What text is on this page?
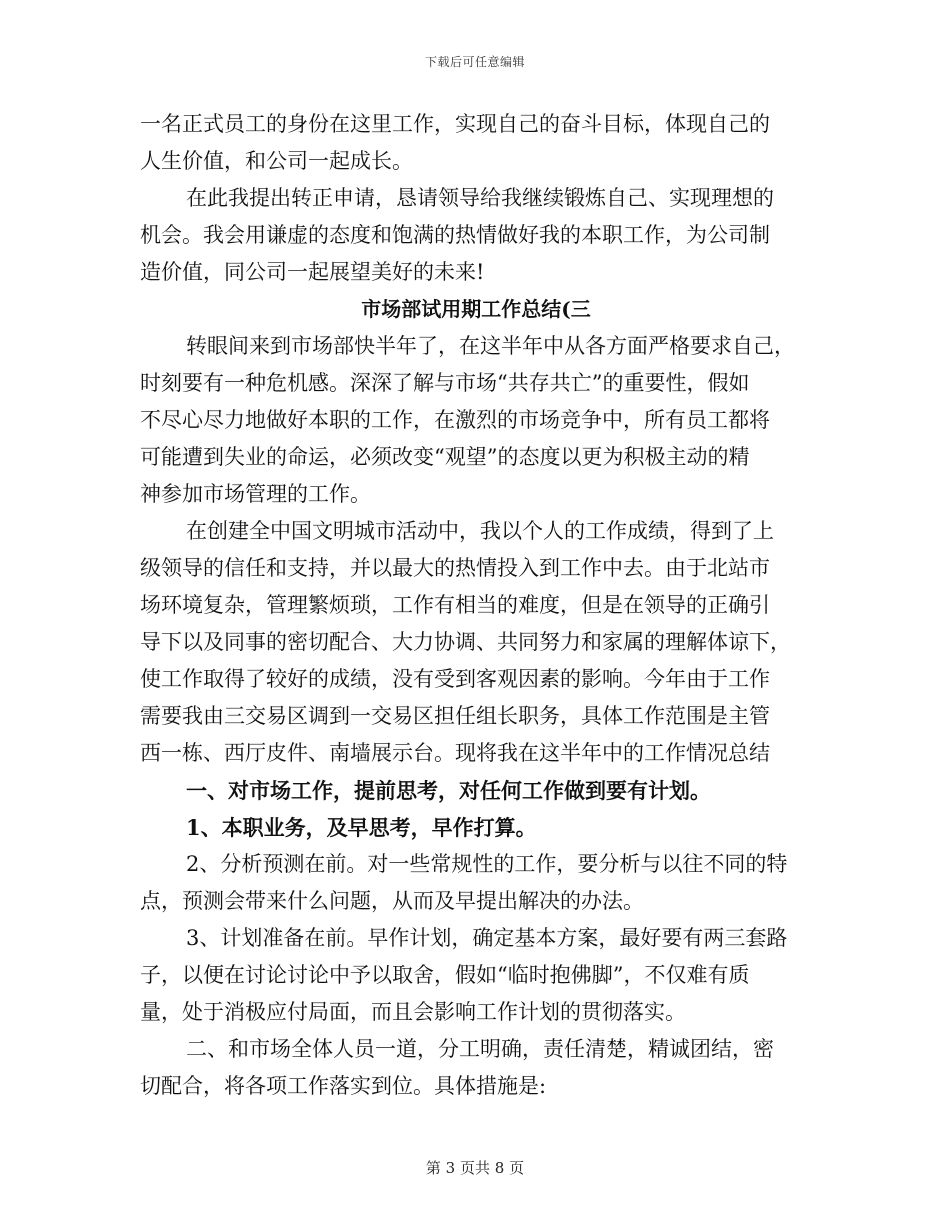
下载后可任意编辑
一名正式员工的身份在这里工作，实现自己的奋斗目标，体现自己的
人生价值，和公司一起成长。
在此我提出转正申请，恳请领导给我继续锻炼自己、实现理想的
机会。我会用谦虚的态度和饱满的热情做好我的本职工作，为公司制
造价值，同公司一起展望美好的未来!
市场部试用期工作总结(三
转眼间来到市场部快半年了，在这半年中从各方面严格要求自己，
时刻要有一种危机感。深深了解与市场“共存共亡”的重要性，假如
不尽心尽力地做好本职的工作，在激烈的市场竞争中，所有员工都将
可能遭到失业的命运，必须改变“观望”的态度以更为积极主动的精
神参加市场管理的工作。
在创建全中国文明城市活动中，我以个人的工作成绩，得到了上
级领导的信任和支持，并以最大的热情投入到工作中去。由于北站市
场环境复杂，管理繁烦琐，工作有相当的难度，但是在领导的正确引
导下以及同事的密切配合、大力协调、共同努力和家属的理解体谅下，
使工作取得了较好的成绩，没有受到客观因素的影响。今年由于工作
需要我由三交易区调到一交易区担任组长职务，具体工作范围是主管
西一栋、西厅皮件、南墙展示台。现将我在这半年中的工作情况总结
一、对市场工作，提前思考，对任何工作做到要有计划。
1、本职业务，及早思考，早作打算。
2、分析预测在前。对一些常规性的工作，要分析与以往不同的特
点，预测会带来什么问题，从而及早提出解决的办法。
3、计划准备在前。早作计划，确定基本方案，最好要有两三套路
子，以便在讨论讨论中予以取舍，假如“临时抱佛脚”，不仅难有质
量，处于消极应付局面，而且会影响工作计划的贯彻落实。
二、和市场全体人员一道，分工明确，责任清楚，精诚团结，密
切配合，将各项工作落实到位。具体措施是:
第 3 页共 8 页
